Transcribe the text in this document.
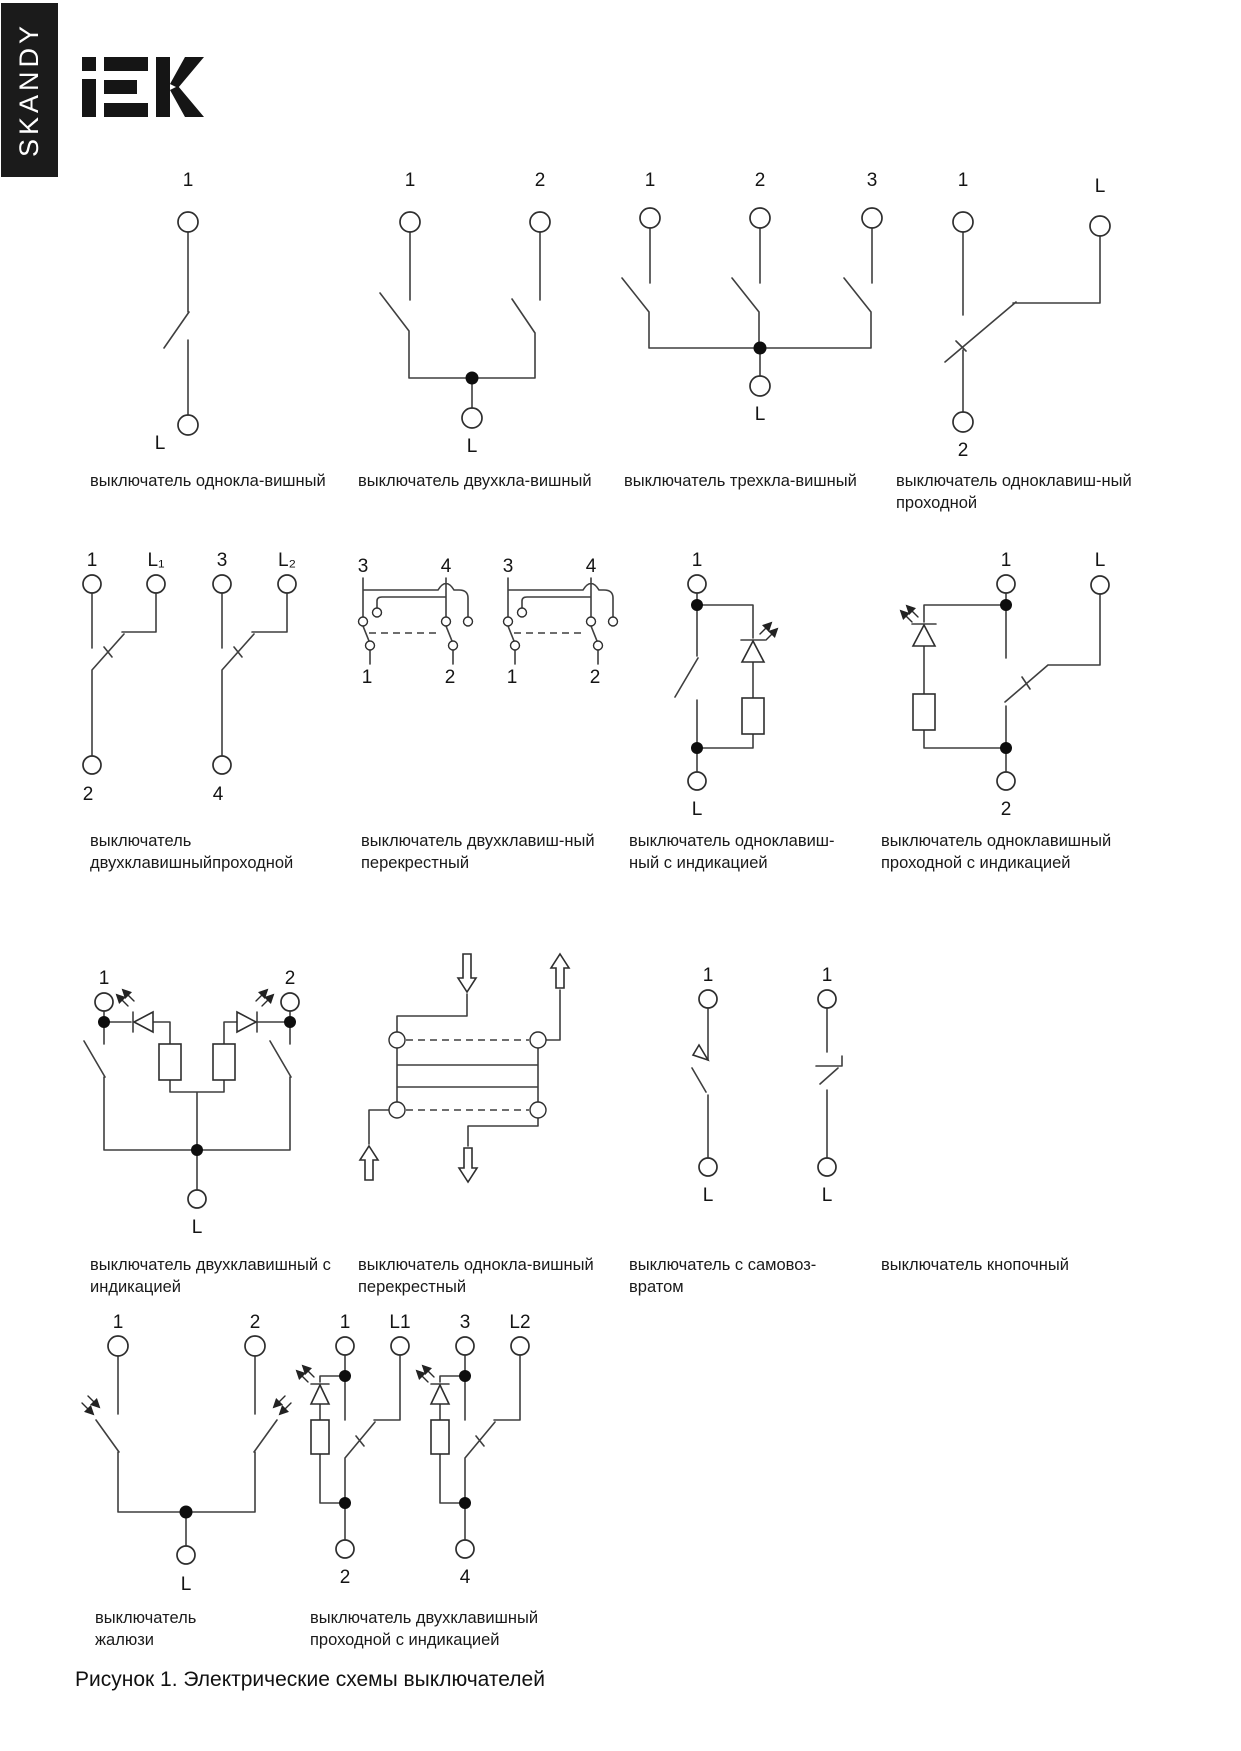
SKANDY
1
L
1	2
L
1	2	3
L
1	L
2
1	L₁	3	L₂
2	4
3	4
1	2
3	4
1	2
1
L
1	L
2
1	2
L
1
L
1
L
1	2
L
1 L1
2
3 L2
4
выключатель однокла-вишный выключатель двухкла-вишный выключатель трехкла-вишный выключатель одноклавиш-ный
проходной
выключатель
двухклавишныйпроходной
выключатель двухклавиш-ный
перекрестный
выключатель одноклавиш-
ный с индикацией
выключатель одноклавишный
проходной с индикацией
выключатель двухклавишный с
индикацией
выключатель однокла-вишный
перекрестный
выключатель с самовоз-
вратом
выключатель кнопочный
выключатель
жалюзи
выключатель двухклавишный
проходной с индикацией
Рисунок 1. Электрические схемы выключателей
